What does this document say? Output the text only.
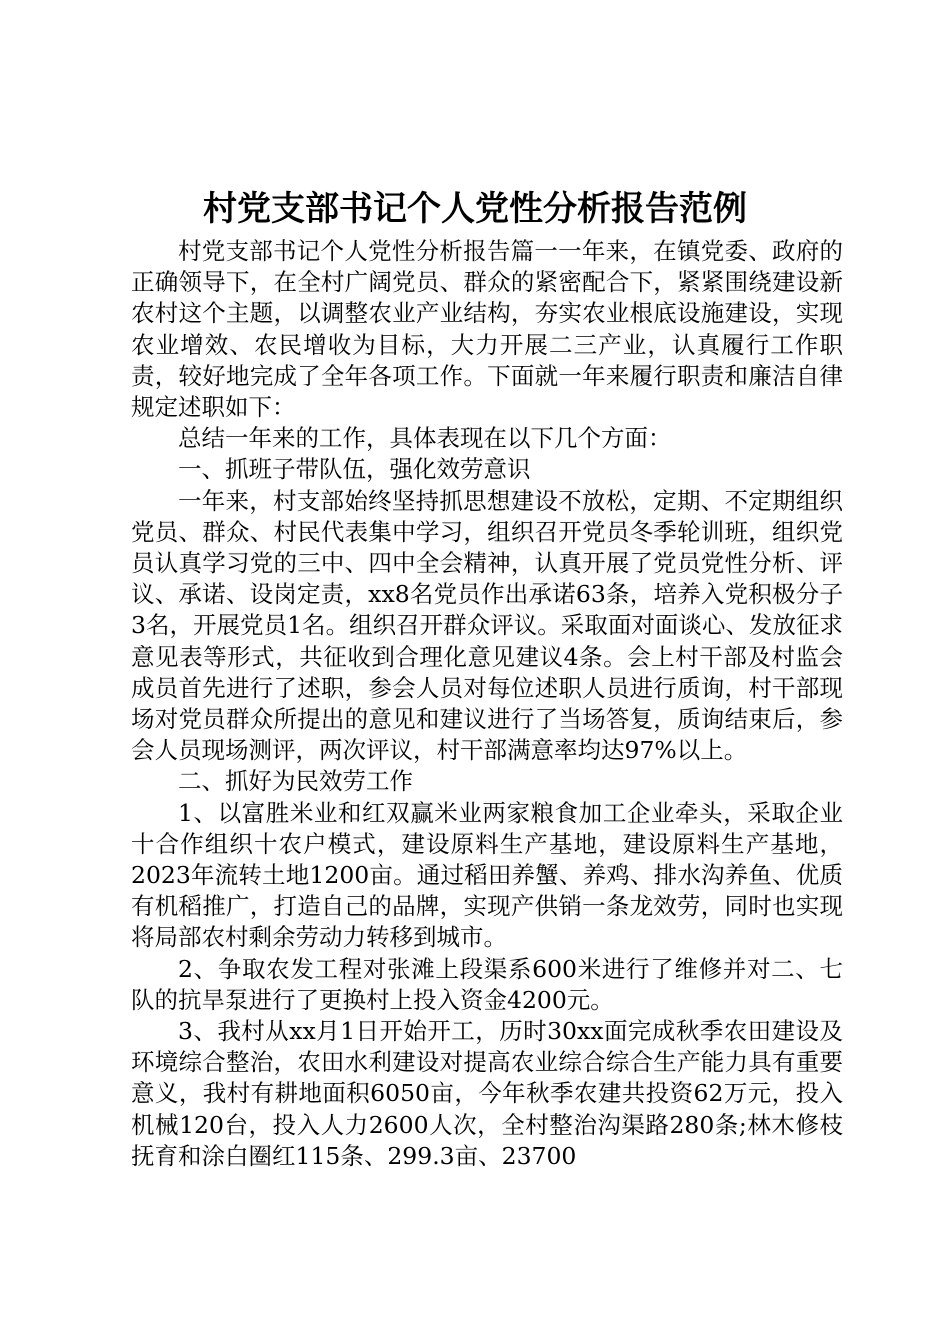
村党支部书记个人党性分析报告范例

村党支部书记个人党性分析报告篇一一年来，在镇党委、政府的正确领导下，在全村广阔党员、群众的紧密配合下，紧紧围绕建设新农村这个主题，以调整农业产业结构，夯实农业根底设施建设，实现农业增效、农民增收为目标，大力开展二三产业，认真履行工作职责，较好地完成了全年各项工作。下面就一年来履行职责和廉洁自律规定述职如下：

总结一年来的工作，具体表现在以下几个方面：

一、抓班子带队伍，强化效劳意识

一年来，村支部始终坚持抓思想建设不放松，定期、不定期组织党员、群众、村民代表集中学习，组织召开党员冬季轮训班，组织党员认真学习党的三中、四中全会精神，认真开展了党员党性分析、评议、承诺、设岗定责，xx8名党员作出承诺63条，培养入党积极分子3名，开展党员1名。组织召开群众评议。采取面对面谈心、发放征求意见表等形式，共征收到合理化意见建议4条。会上村干部及村监会成员首先进行了述职，参会人员对每位述职人员进行质询，村干部现场对党员群众所提出的意见和建议进行了当场答复，质询结束后，参会人员现场测评，两次评议，村干部满意率均达97%以上。

二、抓好为民效劳工作

1、以富胜米业和红双赢米业两家粮食加工企业牵头，采取企业十合作组织十农户模式，建设原料生产基地，建设原料生产基地，2023年流转土地1200亩。通过稻田养蟹、养鸡、排水沟养鱼、优质有机稻推广，打造自己的品牌，实现产供销一条龙效劳，同时也实现将局部农村剩余劳动力转移到城市。

2、争取农发工程对张滩上段渠系600米进行了维修并对二、七队的抗旱泵进行了更换村上投入资金4200元。

3、我村从xx月1日开始开工，历时30xx面完成秋季农田建设及环境综合整治，农田水利建设对提高农业综合综合生产能力具有重要意义，我村有耕地面积6050亩，今年秋季农建共投资62万元，投入机械120台，投入人力2600人次，全村整治沟渠路280条;林木修枝抚育和涂白圈红115条、299.3亩、23700
